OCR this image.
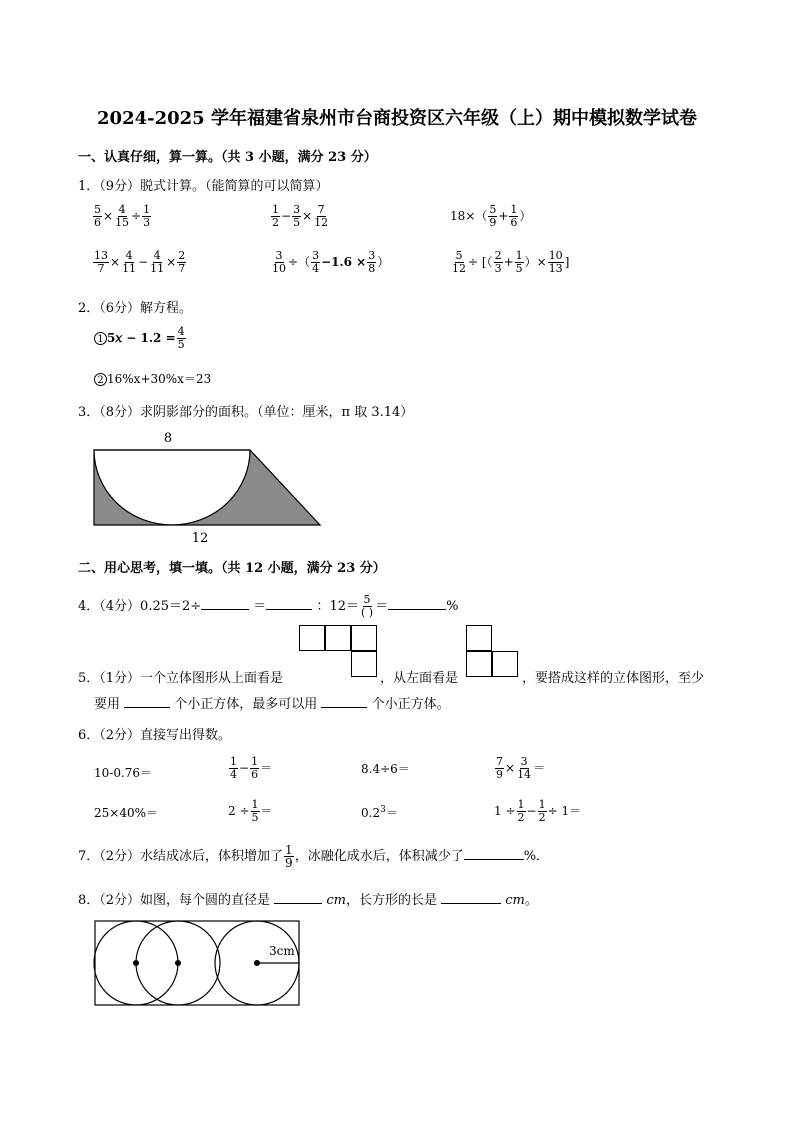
2024-2025 学年福建省泉州市台商投资区六年级（上）期中模拟数学试卷
一、认真仔细，算一算。（共 3 小题，满分 23 分）
1．（9分）脱式计算。（能简算的可以简算）
$\frac{5}{6} \times \frac{4}{15} \div \frac{1}{3}$	$\frac{1}{2} - \frac{3}{5} \times \frac{7}{12}$	$18\times( \frac{5}{9} + \frac{1}{6}$ ）
$\frac{13}{7} \times \frac{4}{11} - \frac{4}{11} \times \frac{2}{7}$	$\frac{3}{10}$ ÷（ $\frac{3}{4} -1.6 \times \frac{3}{8}$ ）	$\frac{5}{12}$ ÷ [（ $\frac{2}{3} + \frac{1}{5}$ ）× $\frac{10}{13}$ ]
2．（6分）解方程。
1 5𝑥 − $1.2 = \frac{4}{5}$
2 16%x+30%x＝23
3．（8分）求阴影部分的面积。（单位：厘米，π 取 3.14）
8
12
二、用心思考，填一填。（共 12 小题，满分 23 分）
4．（4分）0.25＝2÷	＝	：$12= \frac{5}{( )}$ ＝	%
5．（1分）一个立体图形从上面看是	，从左面看是	，要搭成这样的立体图形，至少
要用	个小正方体，最多可以用	个小正方体。
6．（2分）直接写出得数。
10-0.76＝	$\frac{1}{4} - \frac{1}{6}$ ＝	8.4÷6＝	$\frac{7}{9} \times \frac{3}{14}$ ＝
25×40%＝	$2 \div \frac{1}{5}$ ＝	$0.2^3=$	$1 \div \frac{1}{2} - \frac{1}{2} \div 1=$
7．（2分）水结成冰后，体积增加了 $\frac{1}{9}$ ，冰融化成水后，体积减少了	%．
8．（2分）如图，每个圆的直径是	cm，长方形的长是	cm。
3cm
